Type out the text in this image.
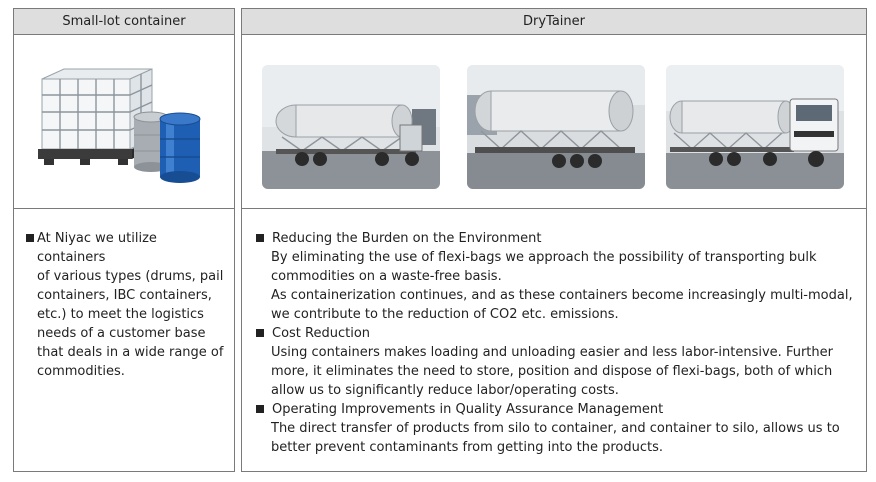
Small-lot container
At Niyac we utilize containers
of various types (drums, pail
containers, IBC containers,
etc.) to meet the logistics
needs of a customer base
that deals in a wide range of
commodities.
DryTainer
Reducing the Burden on the Environment
By eliminating the use of flexi-bags we approach the possibility of transporting bulk
commodities on a waste-free basis.
As containerization continues, and as these containers become increasingly multi-modal,
we contribute to the reduction of CO2 etc. emissions.
Cost Reduction
Using containers makes loading and unloading easier and less labor-intensive. Further
more, it eliminates the need to store, position and dispose of flexi-bags, both of which
allow us to significantly reduce labor/operating costs.
Operating Improvements in Quality Assurance Management
The direct transfer of products from silo to container, and container to silo, allows us to
better prevent contaminants from getting into the products.
